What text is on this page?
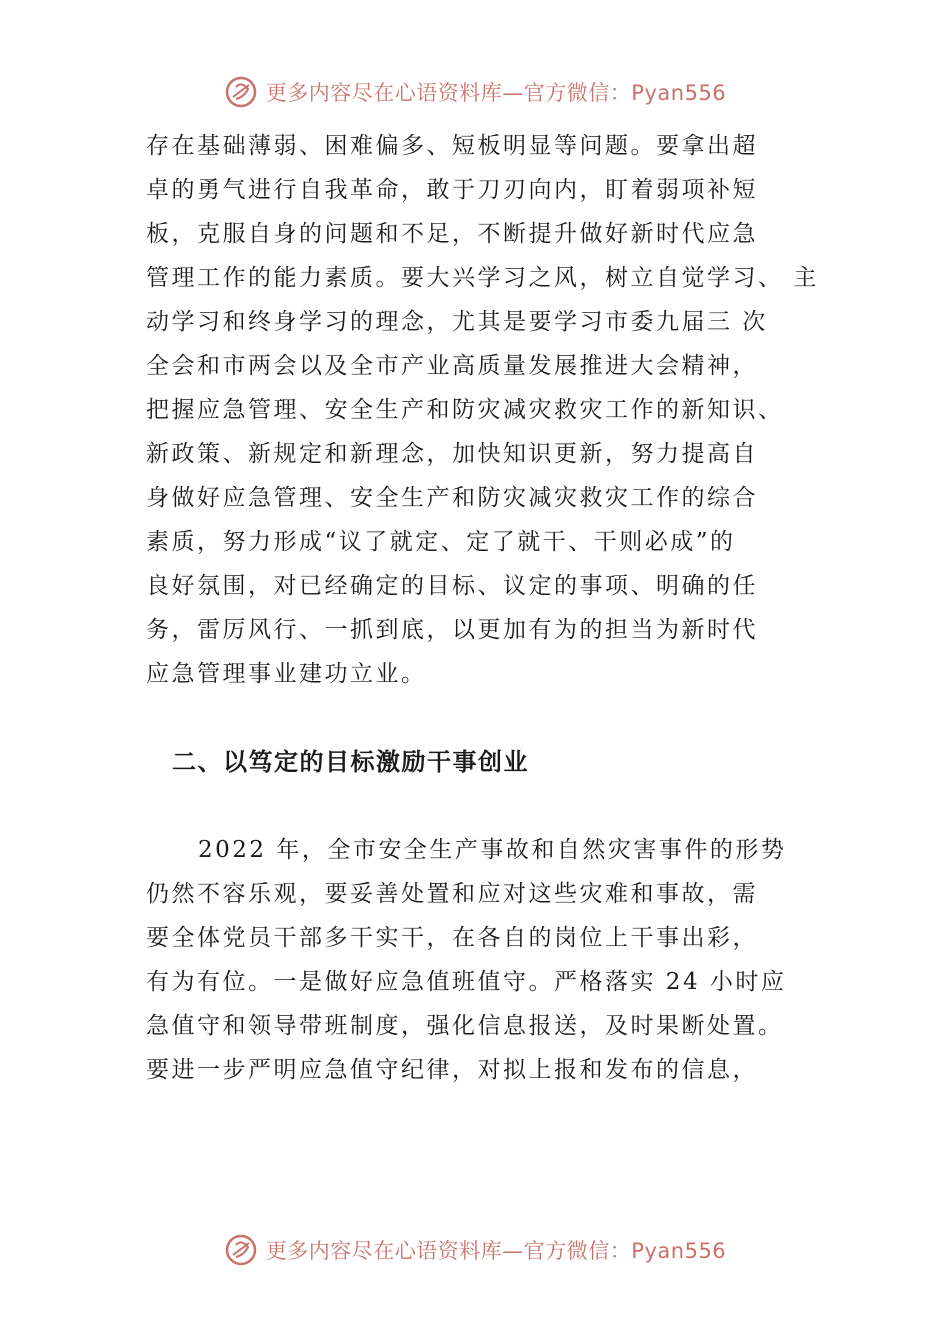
更多内容尽在心语资料库—官方微信：Pyan556
存在基础薄弱、困难偏多、短板明显等问题。要拿出超
卓的勇气进行自我革命，敢于刀刃向内，盯着弱项补短
板，克服自身的问题和不足，不断提升做好新时代应急
管理工作的能力素质。要大兴学习之风，树立自觉学习、 主
动学习和终身学习的理念，尤其是要学习市委九届三 次
全会和市两会以及全市产业高质量发展推进大会精神，
把握应急管理、安全生产和防灾减灾救灾工作的新知识、
新政策、新规定和新理念，加快知识更新，努力提高自
身做好应急管理、安全生产和防灾减灾救灾工作的综合
素质，努力形成“议了就定、定了就干、干则必成”的
良好氛围，对已经确定的目标、议定的事项、明确的任
务，雷厉风行、一抓到底，以更加有为的担当为新时代
应急管理事业建功立业。
二、以笃定的目标激励干事创业
2022 年，全市安全生产事故和自然灾害事件的形势
仍然不容乐观，要妥善处置和应对这些灾难和事故，需
要全体党员干部多干实干，在各自的岗位上干事出彩，
有为有位。一是做好应急值班值守。严格落实 24 小时应
急值守和领导带班制度，强化信息报送，及时果断处置。
要进一步严明应急值守纪律，对拟上报和发布的信息，
更多内容尽在心语资料库—官方微信：Pyan556
